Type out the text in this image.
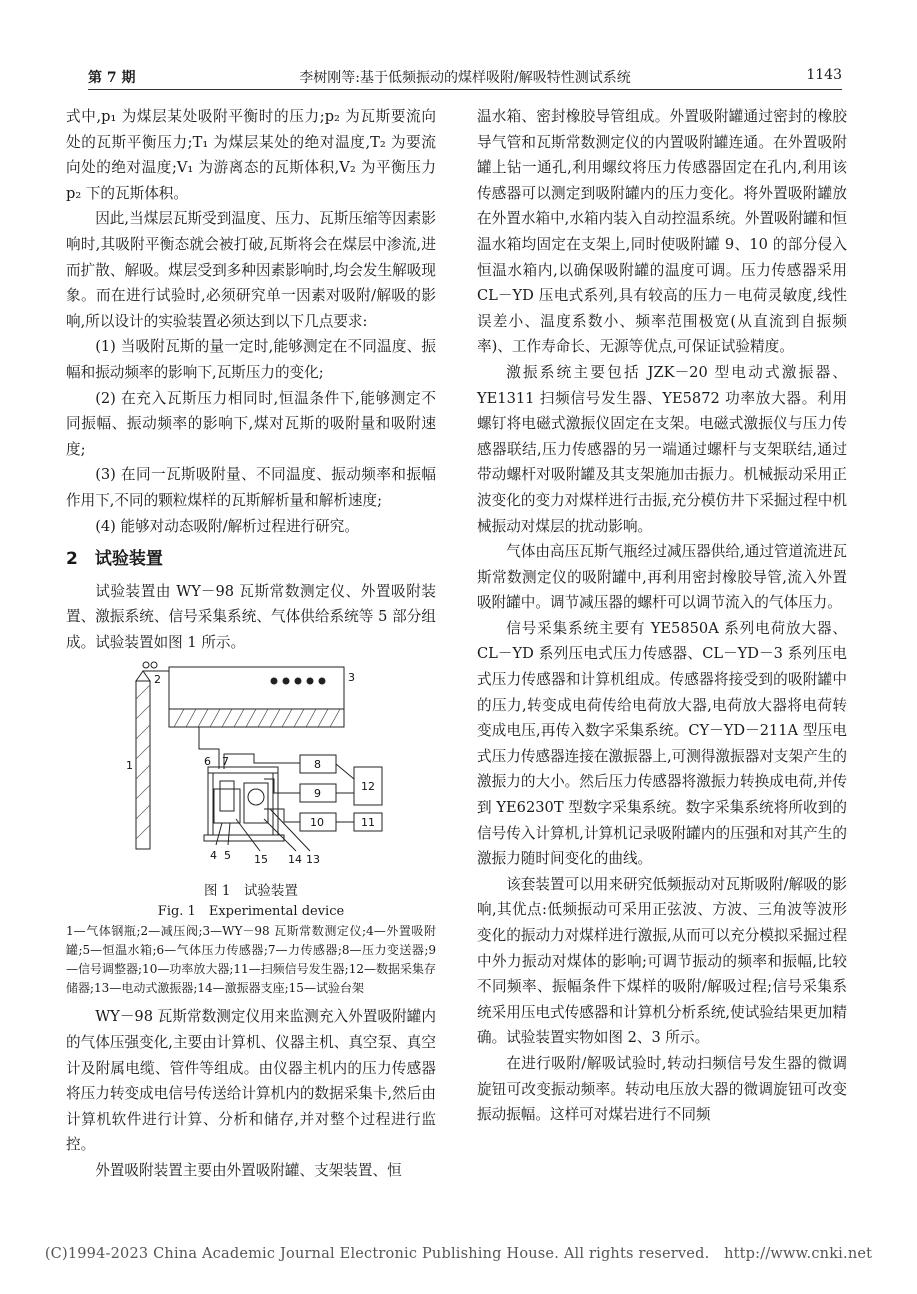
第 7 期	李树刚等:基于低频振动的煤样吸附/解吸特性测试系统	1143

式中,p₁ 为煤层某处吸附平衡时的压力;p₂ 为瓦斯要流向处的瓦斯平衡压力;T₁ 为煤层某处的绝对温度,T₂ 为要流向处的绝对温度;V₁ 为游离态的瓦斯体积,V₂ 为平衡压力 p₂ 下的瓦斯体积。

因此,当煤层瓦斯受到温度、压力、瓦斯压缩等因素影响时,其吸附平衡态就会被打破,瓦斯将会在煤层中渗流,进而扩散、解吸。煤层受到多种因素影响时,均会发生解吸现象。而在进行试验时,必须研究单一因素对吸附/解吸的影响,所以设计的实验装置必须达到以下几点要求:

(1) 当吸附瓦斯的量一定时,能够测定在不同温度、振幅和振动频率的影响下,瓦斯压力的变化;

(2) 在充入瓦斯压力相同时,恒温条件下,能够测定不同振幅、振动频率的影响下,煤对瓦斯的吸附量和吸附速度;

(3) 在同一瓦斯吸附量、不同温度、振动频率和振幅作用下,不同的颗粒煤样的瓦斯解析量和解析速度;

(4) 能够对动态吸附/解析过程进行研究。

2　试验装置

试验装置由 WY－98 瓦斯常数测定仪、外置吸附装置、激振系统、信号采集系统、气体供给系统等 5 部分组成。试验装置如图 1 所示。

1
2	3
4 5
6 7	8
9
10	11
12
13
14
15

图 1　试验装置

Fig. 1　Experimental device

1—气体钢瓶;2—减压阀;3—WY－98 瓦斯常数测定仪;4—外置吸附罐;5—恒温水箱;6—气体压力传感器;7—力传感器;8—压力变送器;9—信号调整器;10—功率放大器;11—扫频信号发生器;12—数据采集存储器;13—电动式激振器;14—激振器支座;15—试验台架

WY－98 瓦斯常数测定仪用来监测充入外置吸附罐内的气体压强变化,主要由计算机、仪器主机、真空泵、真空计及附属电缆、管件等组成。由仪器主机内的压力传感器将压力转变成电信号传送给计算机内的数据采集卡,然后由计算机软件进行计算、分析和储存,并对整个过程进行监控。

外置吸附装置主要由外置吸附罐、支架装置、恒

温水箱、密封橡胶导管组成。外置吸附罐通过密封的橡胶导气管和瓦斯常数测定仪的内置吸附罐连通。在外置吸附罐上钻一通孔,利用螺纹将压力传感器固定在孔内,利用该传感器可以测定到吸附罐内的压力变化。将外置吸附罐放在外置水箱中,水箱内装入自动控温系统。外置吸附罐和恒温水箱均固定在支架上,同时使吸附罐 9、10 的部分侵入恒温水箱内,以确保吸附罐的温度可调。压力传感器采用 CL－YD 压电式系列,具有较高的压力－电荷灵敏度,线性误差小、温度系数小、频率范围极宽(从直流到自振频率)、工作寿命长、无源等优点,可保证试验精度。

激振系统主要包括 JZK－20 型电动式激振器、YE1311 扫频信号发生器、YE5872 功率放大器。利用螺钉将电磁式激振仪固定在支架。电磁式激振仪与压力传感器联结,压力传感器的另一端通过螺杆与支架联结,通过带动螺杆对吸附罐及其支架施加击振力。机械振动采用正波变化的变力对煤样进行击振,充分模仿井下采掘过程中机械振动对煤层的扰动影响。

气体由高压瓦斯气瓶经过减压器供给,通过管道流进瓦斯常数测定仪的吸附罐中,再利用密封橡胶导管,流入外置吸附罐中。调节减压器的螺杆可以调节流入的气体压力。

信号采集系统主要有 YE5850A 系列电荷放大器、CL－YD 系列压电式压力传感器、CL－YD－3 系列压电式压力传感器和计算机组成。传感器将接受到的吸附罐中的压力,转变成电荷传给电荷放大器,电荷放大器将电荷转变成电压,再传入数字采集系统。CY－YD－211A 型压电式压力传感器连接在激振器上,可测得激振器对支架产生的激振力的大小。然后压力传感器将激振力转换成电荷,并传到 YE6230T 型数字采集系统。数字采集系统将所收到的信号传入计算机,计算机记录吸附罐内的压强和对其产生的激振力随时间变化的曲线。

该套装置可以用来研究低频振动对瓦斯吸附/解吸的影响,其优点:低频振动可采用正弦波、方波、三角波等波形变化的振动力对煤样进行激振,从而可以充分模拟采掘过程中外力振动对煤体的影响;可调节振动的频率和振幅,比较不同频率、振幅条件下煤样的吸附/解吸过程;信号采集系统采用压电式传感器和计算机分析系统,使试验结果更加精确。试验装置实物如图 2、3 所示。

在进行吸附/解吸试验时,转动扫频信号发生器的微调旋钮可改变振动频率。转动电压放大器的微调旋钮可改变振动振幅。这样可对煤岩进行不同频

(C)1994-2023 China Academic Journal Electronic Publishing House. All rights reserved.　http://www.cnki.net
